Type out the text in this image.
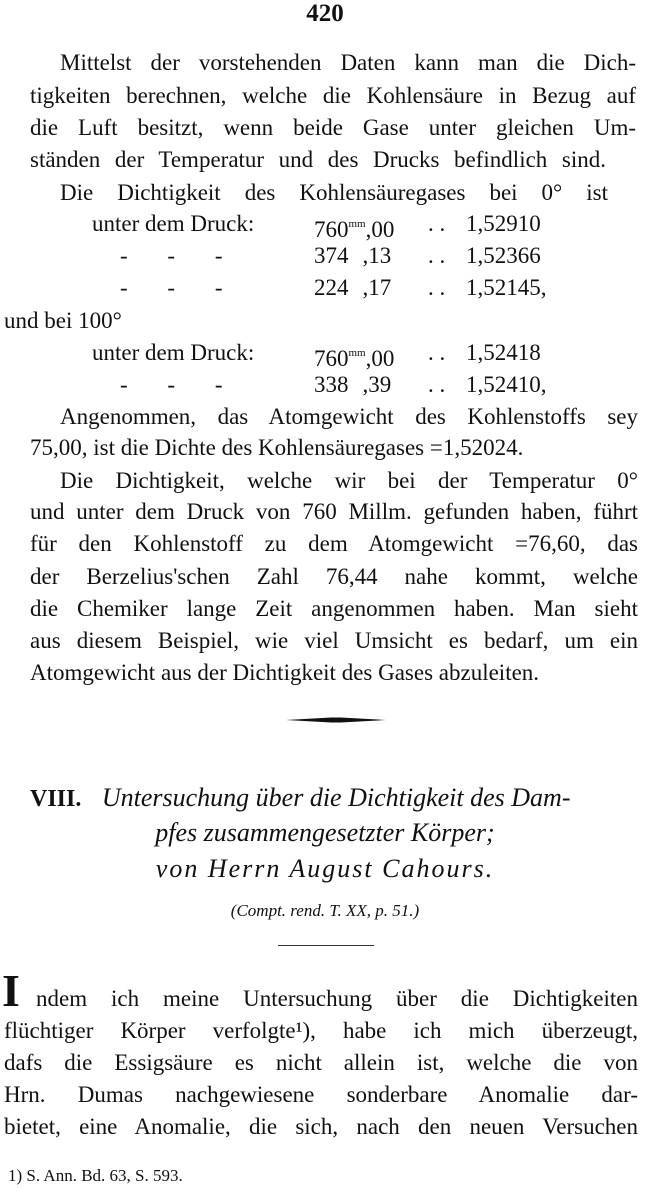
420
Mittelst der vorstehenden Daten kann man die Dich-
tigkeiten berechnen, welche die Kohlensäure in Bezug auf
die Luft besitzt, wenn beide Gase unter gleichen Um-
ständen der Temperatur und des Drucks befindlich sind.
Die Dichtigkeit des Kohlensäuregases bei 0° ist
unter dem Druck:	$760^{mm},00$ . . 1,52910
- - -	374 ,13 . . 1,52366
- - -	224 ,17 . . 1,52145,
und bei 100°
unter dem Druck:	$760^{mm},00$ . . 1,52418
- - -	338 ,39 . . 1,52410,
Angenommen, das Atomgewicht des Kohlenstoffs sey
75,00, ist die Dichte des Kohlensäuregases =1,52024.
Die Dichtigkeit, welche wir bei der Temperatur 0°
und unter dem Druck von 760 Millm. gefunden haben, führt
für den Kohlenstoff zu dem Atomgewicht =76,60, das
der Berzelius'schen Zahl 76,44 nahe kommt, welche
die Chemiker lange Zeit angenommen haben. Man sieht
aus diesem Beispiel, wie viel Umsicht es bedarf, um ein
Atomgewicht aus der Dichtigkeit des Gases abzuleiten.
VIII. Untersuchung über die Dichtigkeit des Dam-
pfes zusammengesetzter Körper;
von Herrn August Cahours.
(Compt. rend. T. XX, p. 51.)
I ndem ich meine Untersuchung über die Dichtigkeiten
flüchtiger Körper verfolgte¹), habe ich mich überzeugt,
dafs die Essigsäure es nicht allein ist, welche die von
Hrn. Dumas nachgewiesene sonderbare Anomalie dar-
bietet, eine Anomalie, die sich, nach den neuen Versuchen
1) S. Ann. Bd. 63, S. 593.
